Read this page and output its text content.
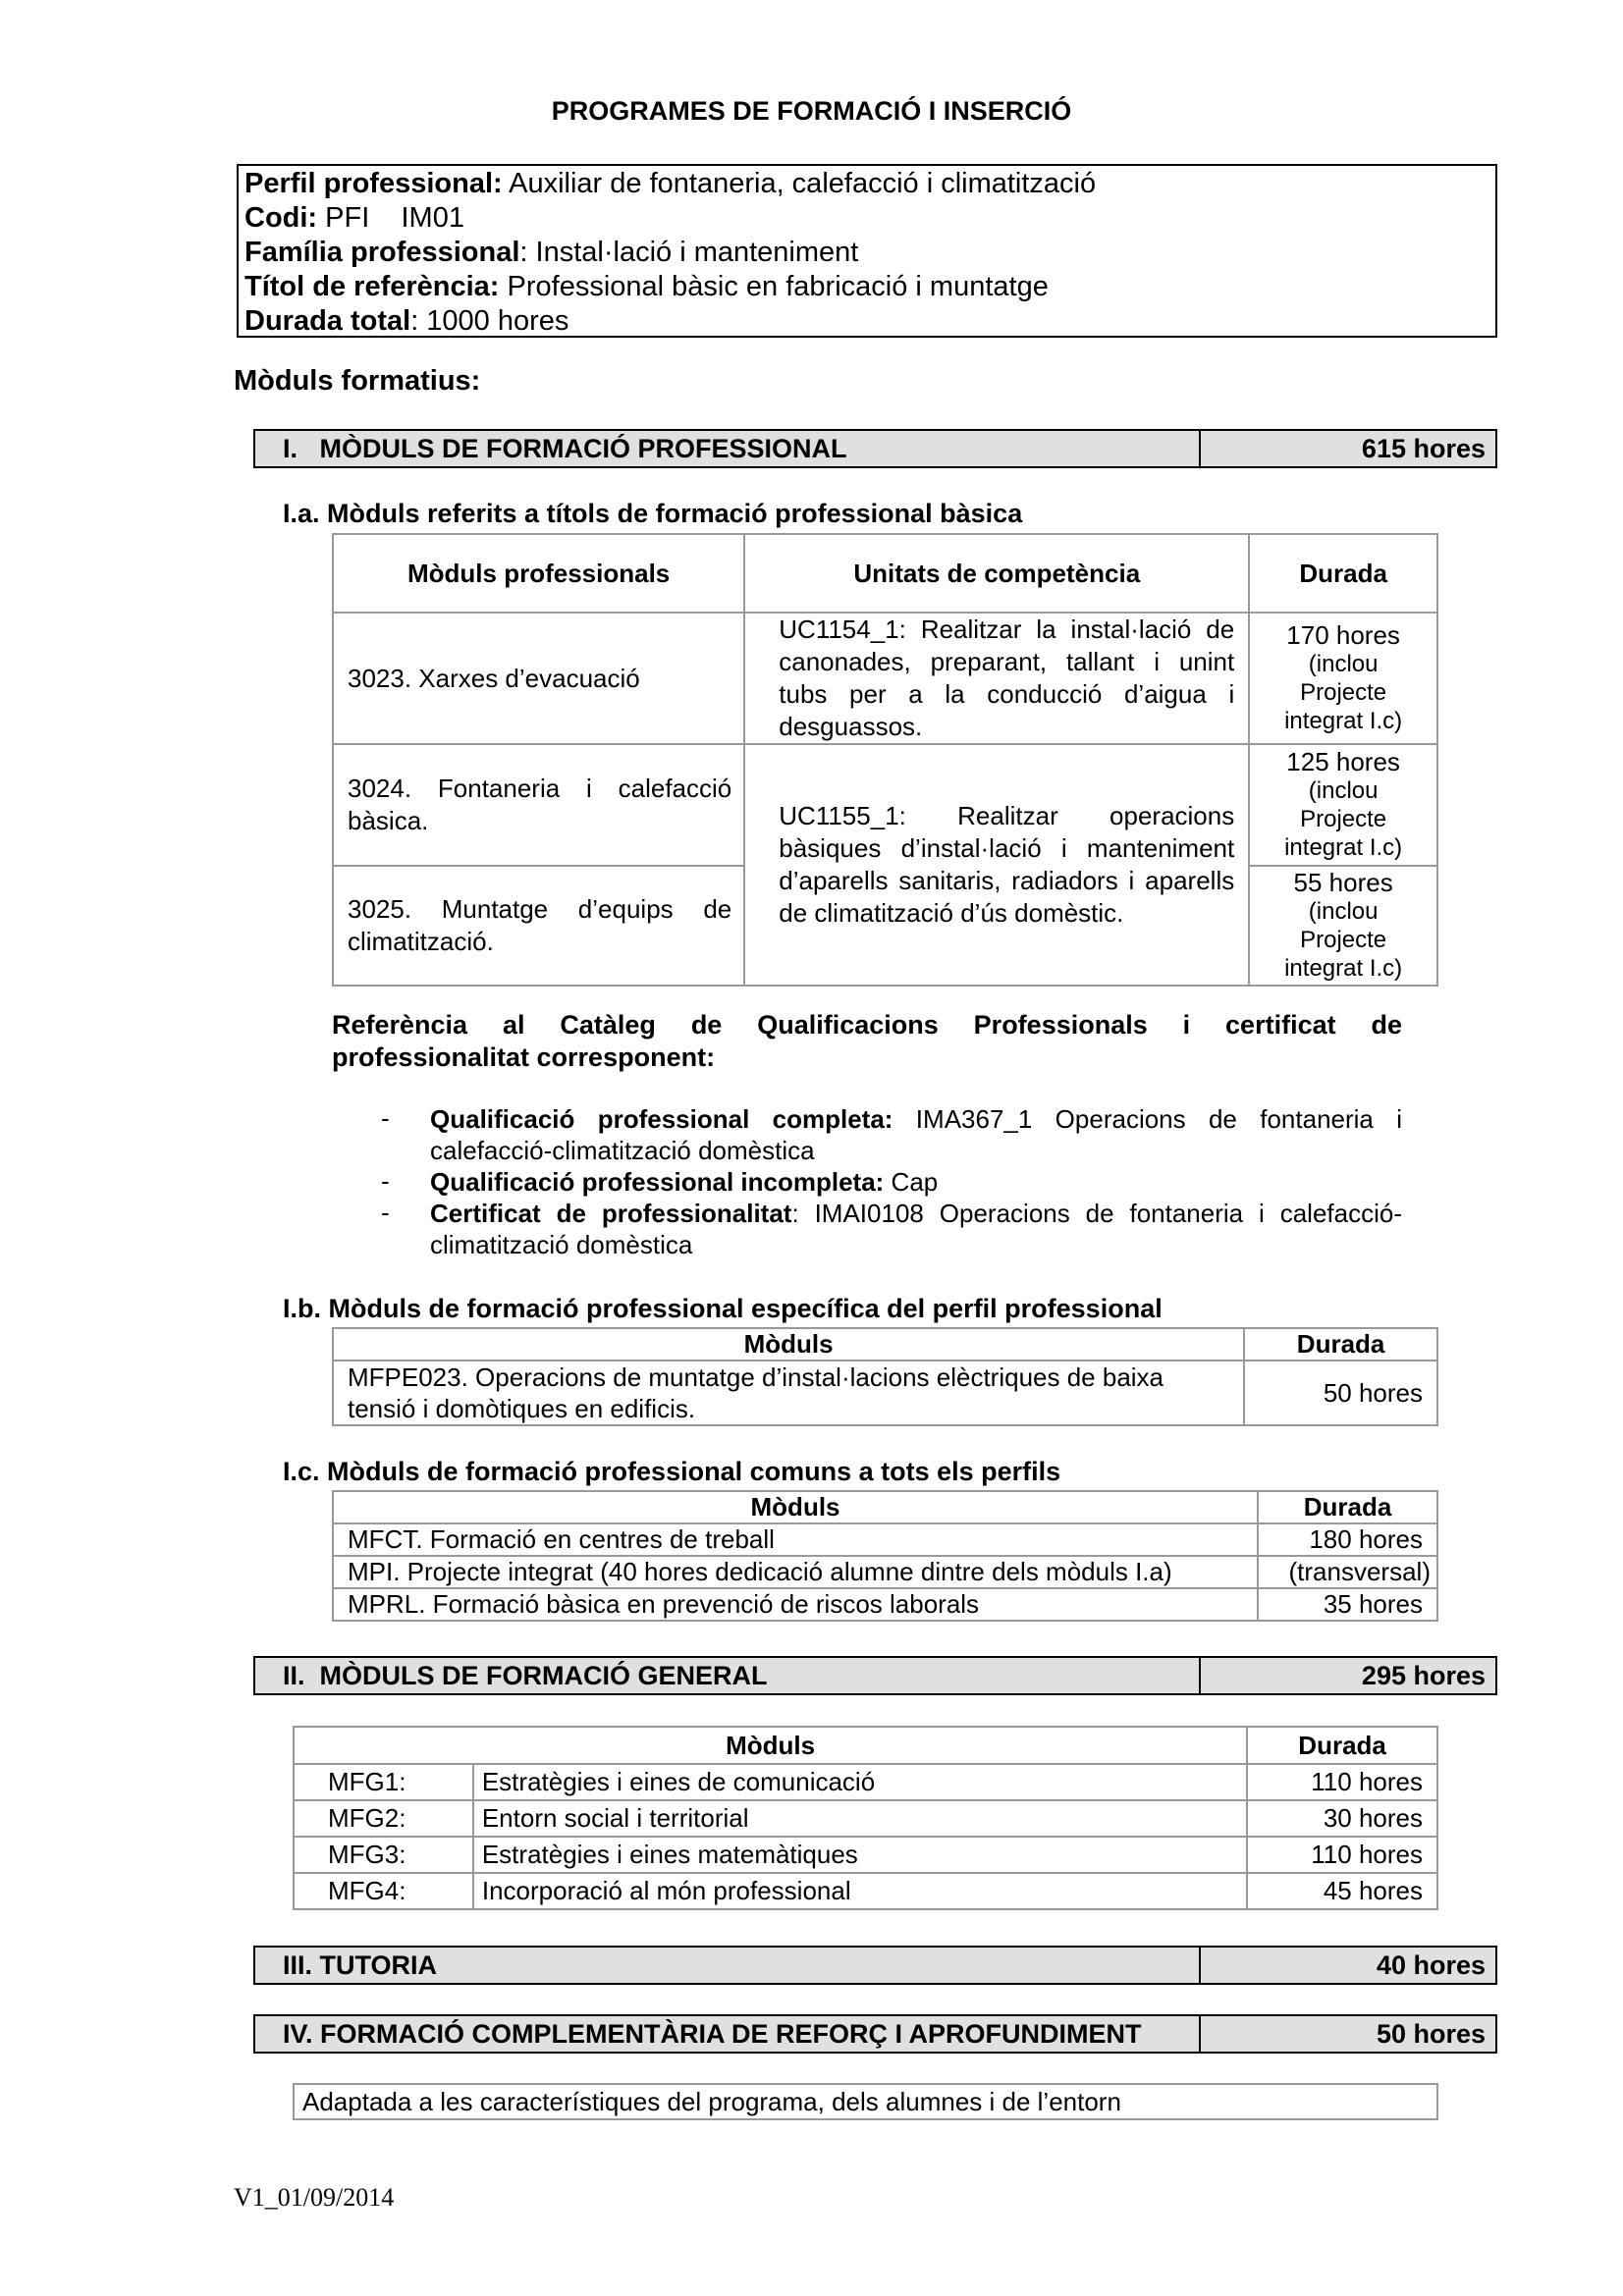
PROGRAMES DE FORMACIÓ I INSERCIÓ
Perfil professional: Auxiliar de fontaneria, calefacció i climatització
Codi: PFI    IM01
Família professional: Instal·lació i manteniment
Títol de referència: Professional bàsic en fabricació i muntatge
Durada total: 1000 hores
Mòduls formatius:
I.   MÒDULS DE FORMACIÓ PROFESSIONAL	615 hores
I.a. Mòduls referits a títols de formació professional bàsica
Mòduls professionals	Unitats de competència	Durada
3023. Xarxes d’evacuació	UC1154_1: Realitzar la instal·lació de canonades, preparant, tallant i unint tubs per a la conducció d’aigua i desguassos.	170 hores
(inclou
Projecte
integrat I.c)

3024. Fontaneria i calefacció bàsica.	UC1155_1: Realitzar operacions bàsiques d’instal·lació i manteniment d’aparells sanitaris, radiadors i aparells de climatització d’ús domèstic.	125 hores
(inclou
Projecte
integrat I.c)

3025. Muntatge d’equips de climatització.		55 hores
(inclou
Projecte
integrat I.c)
Referència al Catàleg de Qualificacions Professionals i certificat de
professionalitat corresponent:
- Qualificació professional completa: IMA367_1 Operacions de fontaneria i calefacció-climatització domèstica
- Qualificació professional incompleta: Cap
- Certificat de professionalitat: IMAI0108 Operacions de fontaneria i calefacció-climatització domèstica
I.b. Mòduls de formació professional específica del perfil professional
Mòduls	Durada
MFPE023. Operacions de muntatge d’instal·lacions elèctriques de baixa tensió i domòtiques en edificis.	50 hores
I.c. Mòduls de formació professional comuns a tots els perfils
Mòduls	Durada
MFCT. Formació en centres de treball	180 hores
MPI. Projecte integrat (40 hores dedicació alumne dintre dels mòduls I.a)	(transversal)
MPRL. Formació bàsica en prevenció de riscos laborals	35 hores
II.  MÒDULS DE FORMACIÓ GENERAL	295 hores
Mòduls		Durada
MFG1:	Estratègies i eines de comunicació	110 hores
MFG2:	Entorn social i territorial	30 hores
MFG3:	Estratègies i eines matemàtiques	110 hores
MFG4:	Incorporació al món professional	45 hores
III. TUTORIA	40 hores
IV. FORMACIÓ COMPLEMENTÀRIA DE REFORÇ I APROFUNDIMENT	50 hores
Adaptada a les característiques del programa, dels alumnes i de l’entorn
V1_01/09/2014
